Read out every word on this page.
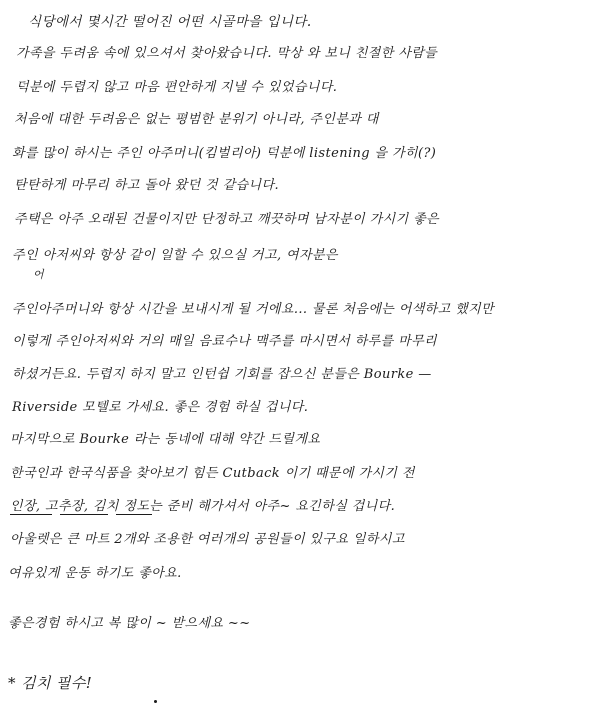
식당에서 몇시간 떨어진 어떤 시골마을 입니다.
가족을 두려움 속에 있으셔서 찾아왔습니다. 막상 와 보니 친절한 사람들
덕분에 두렵지 않고 마음 편안하게 지낼 수 있었습니다.
처음에 대한 두려움은 없는 평범한 분위기 아니라, 주인분과 대
화를 많이 하시는 주인 아주머니(킴벌리아) 덕분에 listening 을 가히(?)
탄탄하게 마무리 하고 돌아 왔던 것 같습니다.
주택은 아주 오래된 건물이지만 단정하고 깨끗하며 남자분이 가시기 좋은
주인 아저씨와 항상 같이 일할 수 있으실 거고, 여자분은
어
주인아주머니와 항상 시간을 보내시게 될 거에요... 물론 처음에는 어색하고 했지만
이렇게 주인아저씨와 거의 매일 음료수나 맥주를 마시면서 하루를 마무리
하셨거든요. 두렵지 하지 말고 인턴쉽 기회를 잡으신 분들은 Bourke —
Riverside 모텔로 가세요. 좋은 경험 하실 겁니다.
마지막으로 Bourke 라는 동네에 대해 약간 드릴게요
한국인과 한국식품을 찾아보기 힘든 Cutback 이기 때문에 가시기 전
인장, 고추장, 김치 정도는 준비 해가셔서 아주~ 요긴하실 겁니다.
아울렛은 큰 마트 2개와 조용한 여러개의 공원들이 있구요 일하시고
여유있게 운동 하기도 좋아요.
좋은경험 하시고 복 많이 ~ 받으세요 ~~
* 김치 필수!
